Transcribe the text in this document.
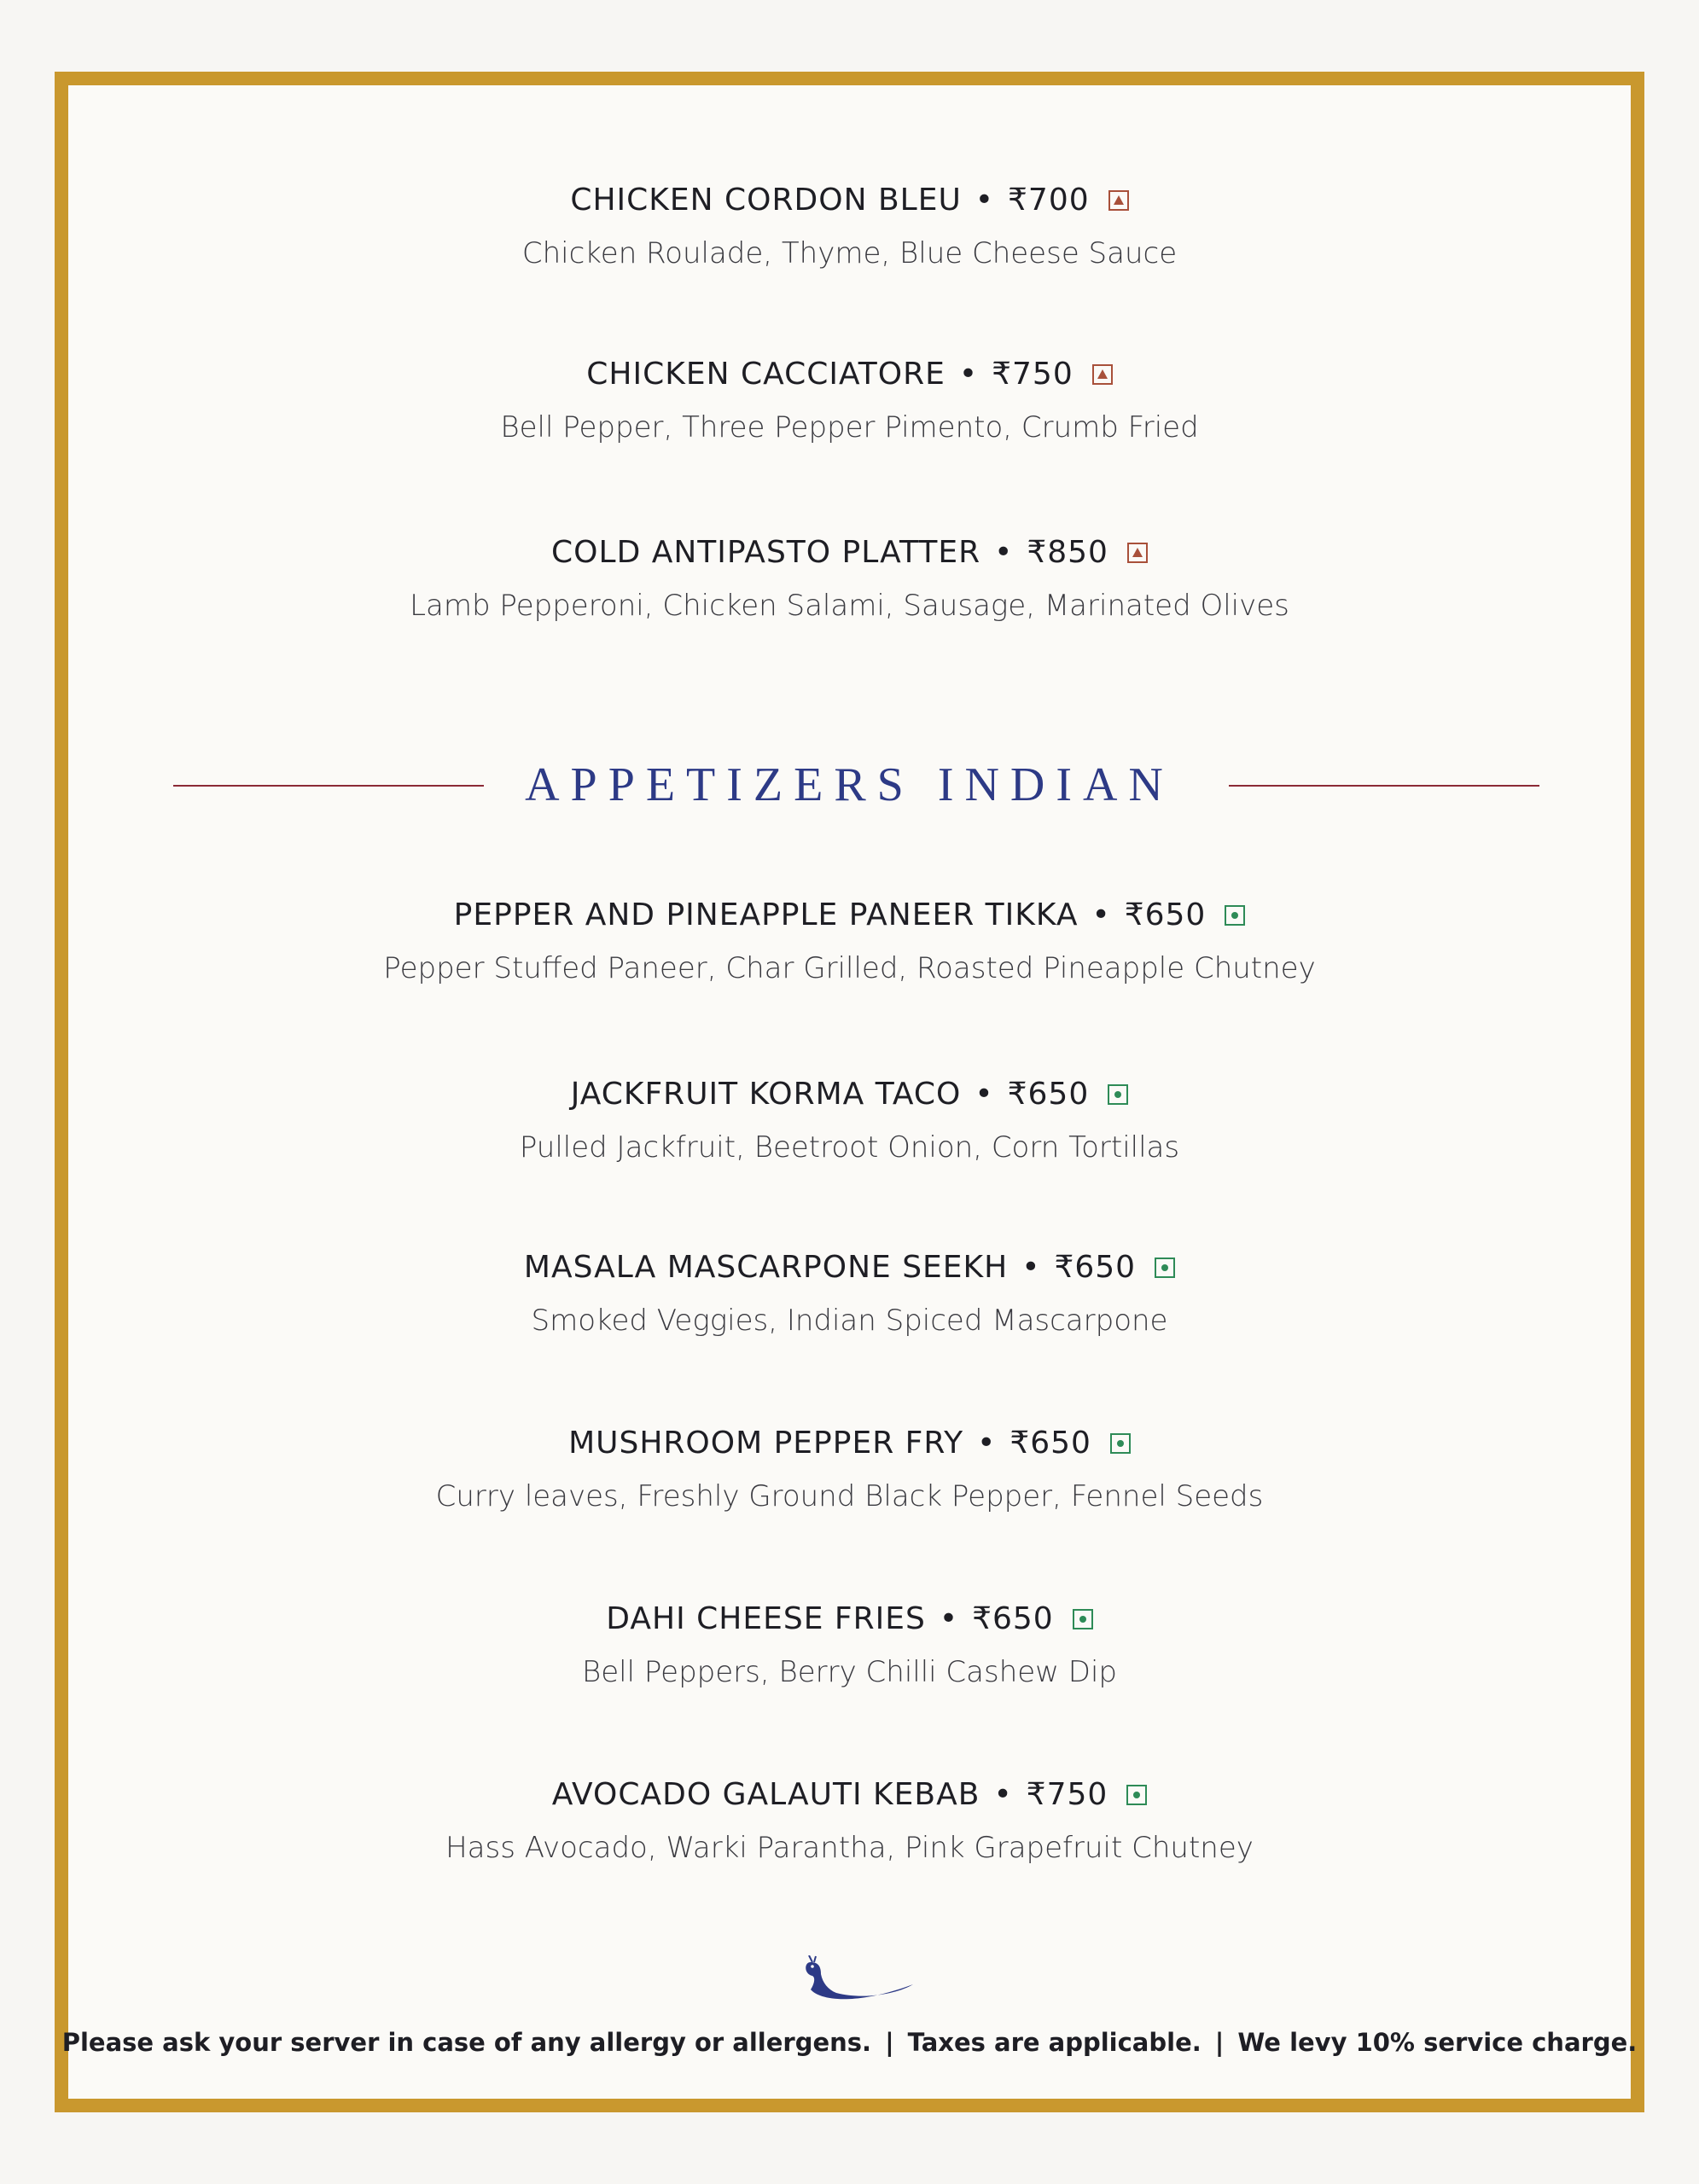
CHICKEN CORDON BLEU • ₹700
Chicken Roulade, Thyme, Blue Cheese Sauce
CHICKEN CACCIATORE • ₹750
Bell Pepper, Three Pepper Pimento, Crumb Fried
COLD ANTIPASTO PLATTER • ₹850
Lamb Pepperoni, Chicken Salami, Sausage, Marinated Olives
APPETIZERS INDIAN
PEPPER AND PINEAPPLE PANEER TIKKA • ₹650
Pepper Stuffed Paneer, Char Grilled, Roasted Pineapple Chutney
JACKFRUIT KORMA TACO • ₹650
Pulled Jackfruit, Beetroot Onion, Corn Tortillas
MASALA MASCARPONE SEEKH • ₹650
Smoked Veggies, Indian Spiced Mascarpone
MUSHROOM PEPPER FRY • ₹650
Curry leaves, Freshly Ground Black Pepper, Fennel Seeds
DAHI CHEESE FRIES • ₹650
Bell Peppers, Berry Chilli Cashew Dip
AVOCADO GALAUTI KEBAB • ₹750
Hass Avocado, Warki Parantha, Pink Grapefruit Chutney
Please ask your server in case of any allergy or allergens. | Taxes are applicable. | We levy 10% service charge.
